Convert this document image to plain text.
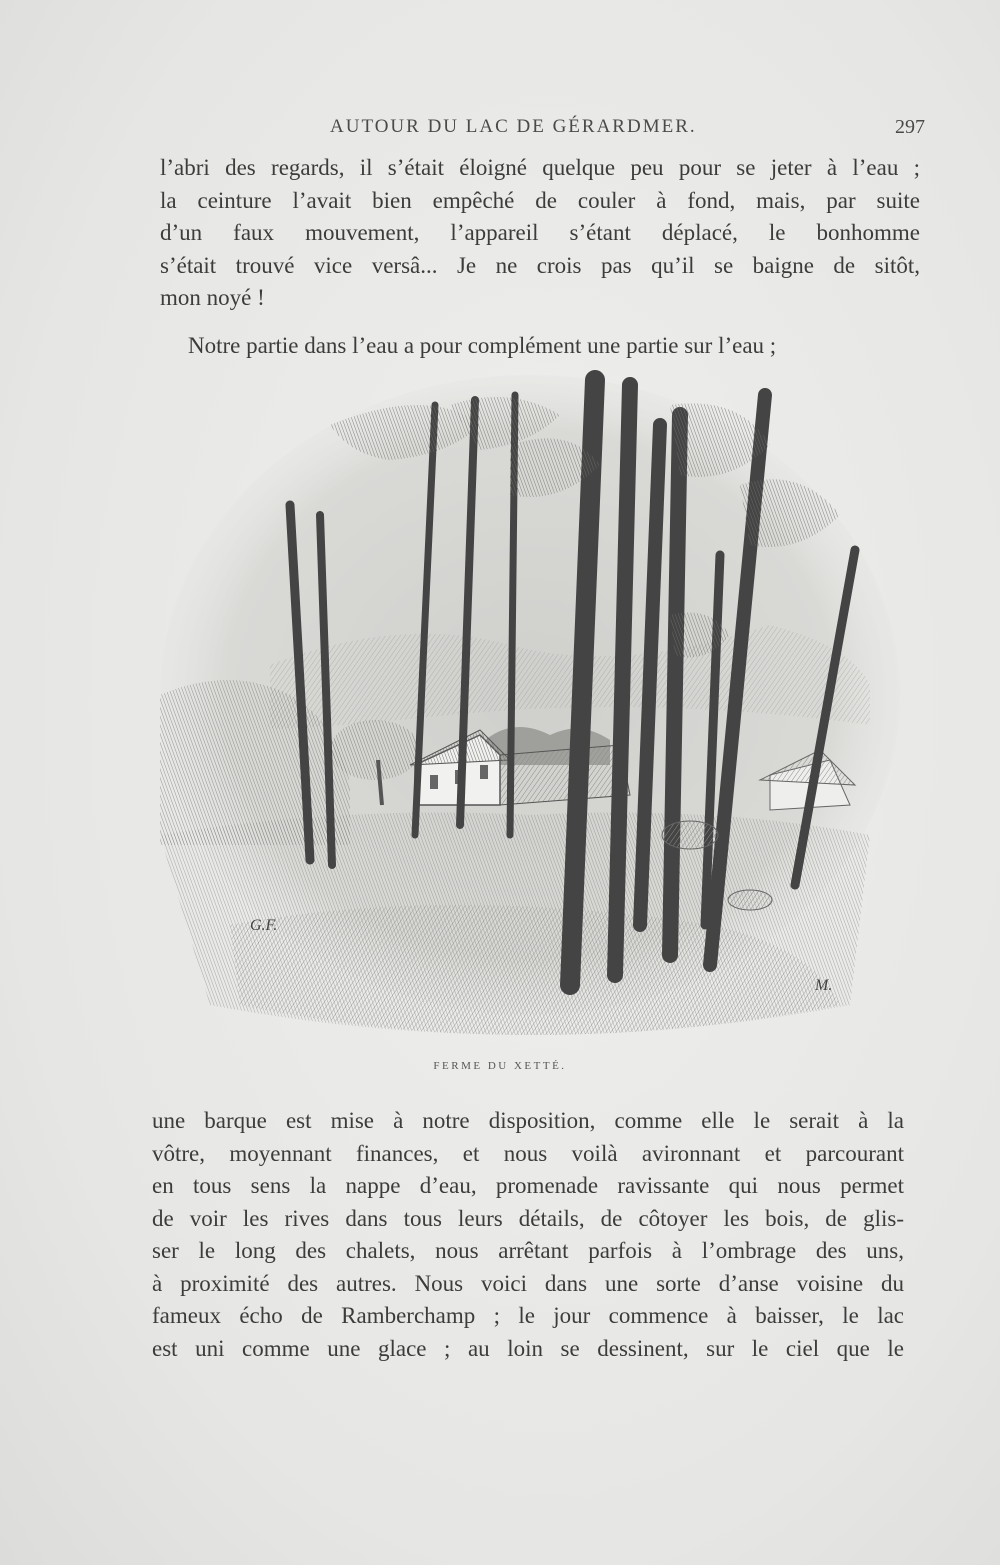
AUTOUR DU LAC DE GÉRARDMER.	297
l’abri des regards, il s’était éloigné quelque peu pour se jeter à l’eau ;
la ceinture l’avait bien empêché de couler à fond, mais, par suite
d’un faux mouvement, l’appareil s’étant déplacé, le bonhomme
s’était trouvé vice versâ... Je ne crois pas qu’il se baigne de sitôt,
mon noyé !
Notre partie dans l’eau a pour complément une partie sur l’eau ;
G.F.
M.
FERME DU XETTÉ.
une barque est mise à notre disposition, comme elle le serait à la
vôtre, moyennant finances, et nous voilà avironnant et parcourant
en tous sens la nappe d’eau, promenade ravissante qui nous permet
de voir les rives dans tous leurs détails, de côtoyer les bois, de glis-
ser le long des chalets, nous arrêtant parfois à l’ombrage des uns,
à proximité des autres. Nous voici dans une sorte d’anse voisine du
fameux écho de Ramberchamp ; le jour commence à baisser, le lac
est uni comme une glace ; au loin se dessinent, sur le ciel que le
